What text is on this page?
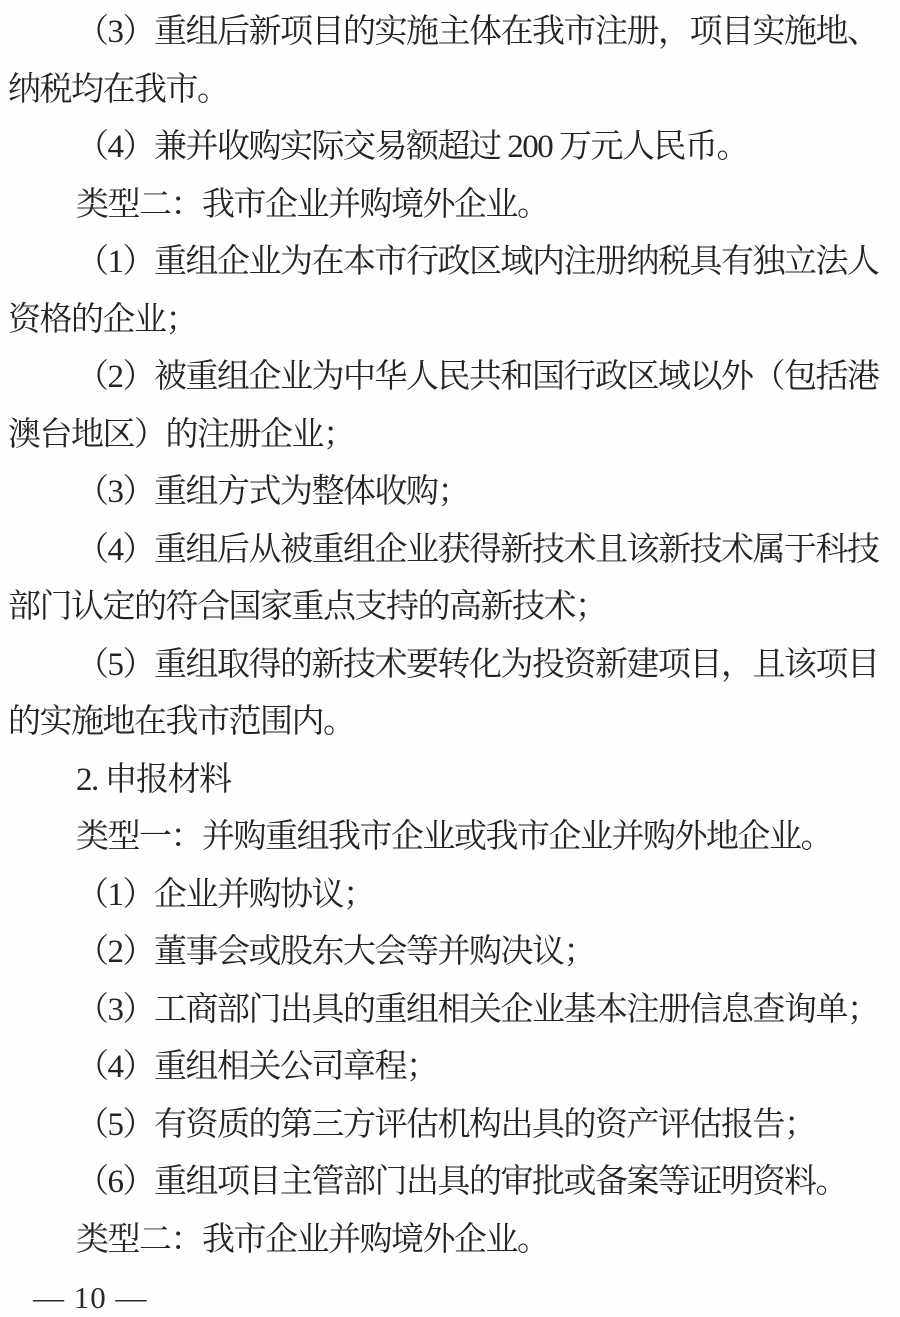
（3）重组后新项目的实施主体在我市注册，项目实施地、
纳税均在我市。
（4）兼并收购实际交易额超过 200 万元人民币。
类型二：我市企业并购境外企业。
（1）重组企业为在本市行政区域内注册纳税具有独立法人
资格的企业；
（2）被重组企业为中华人民共和国行政区域以外（包括港
澳台地区）的注册企业；
（3）重组方式为整体收购；
（4）重组后从被重组企业获得新技术且该新技术属于科技
部门认定的符合国家重点支持的高新技术；
（5）重组取得的新技术要转化为投资新建项目，且该项目
的实施地在我市范围内。
2. 申报材料
类型一：并购重组我市企业或我市企业并购外地企业。
（1）企业并购协议；
（2）董事会或股东大会等并购决议；
（3）工商部门出具的重组相关企业基本注册信息查询单；
（4）重组相关公司章程；
（5）有资质的第三方评估机构出具的资产评估报告；
（6）重组项目主管部门出具的审批或备案等证明资料。
类型二：我市企业并购境外企业。
— 10 —
